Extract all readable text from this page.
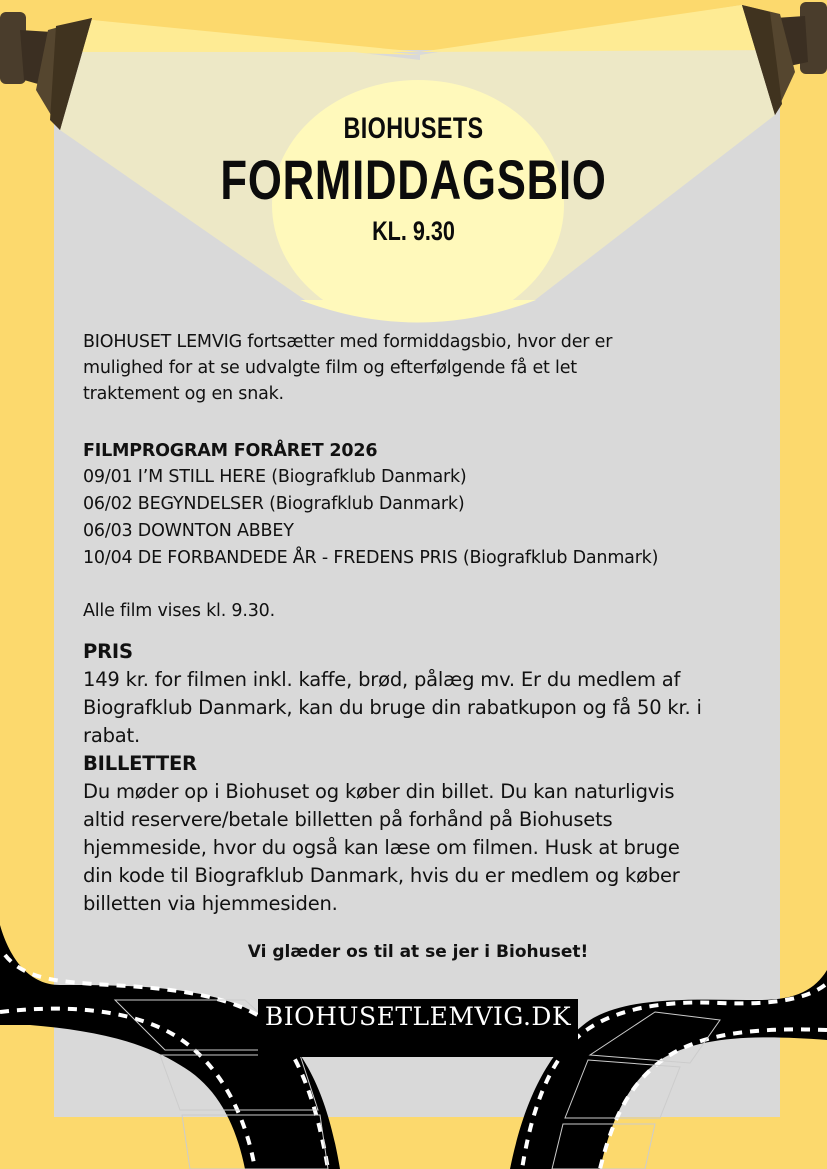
BIOHUSETS
FORMIDDAGSBIO
KL. 9.30

BIOHUSET LEMVIG fortsætter med formiddagsbio, hvor der er

mulighed for at se udvalgte film og efterfølgende få et let

traktement og en snak.

FILMPROGRAM FORÅRET 2026

09/01 I’M STILL HERE (Biografklub Danmark)

06/02 BEGYNDELSER (Biografklub Danmark)

06/03 DOWNTON ABBEY

10/04 DE FORBANDEDE ÅR - FREDENS PRIS (Biografklub Danmark)

Alle film vises kl. 9.30.

PRIS

149 kr. for filmen inkl. kaffe, brød, pålæg mv. Er du medlem af

Biografklub Danmark, kan du bruge din rabatkupon og få 50 kr. i

rabat.

BILLETTER

Du møder op i Biohuset og køber din billet. Du kan naturligvis

altid reservere/betale billetten på forhånd på Biohusets

hjemmeside, hvor du også kan læse om filmen. Husk at bruge

din kode til Biografklub Danmark, hvis du er medlem og køber

billetten via hjemmesiden.

Vi glæder os til at se jer i Biohuset!
BIOHUSETLEMVIG.DK
